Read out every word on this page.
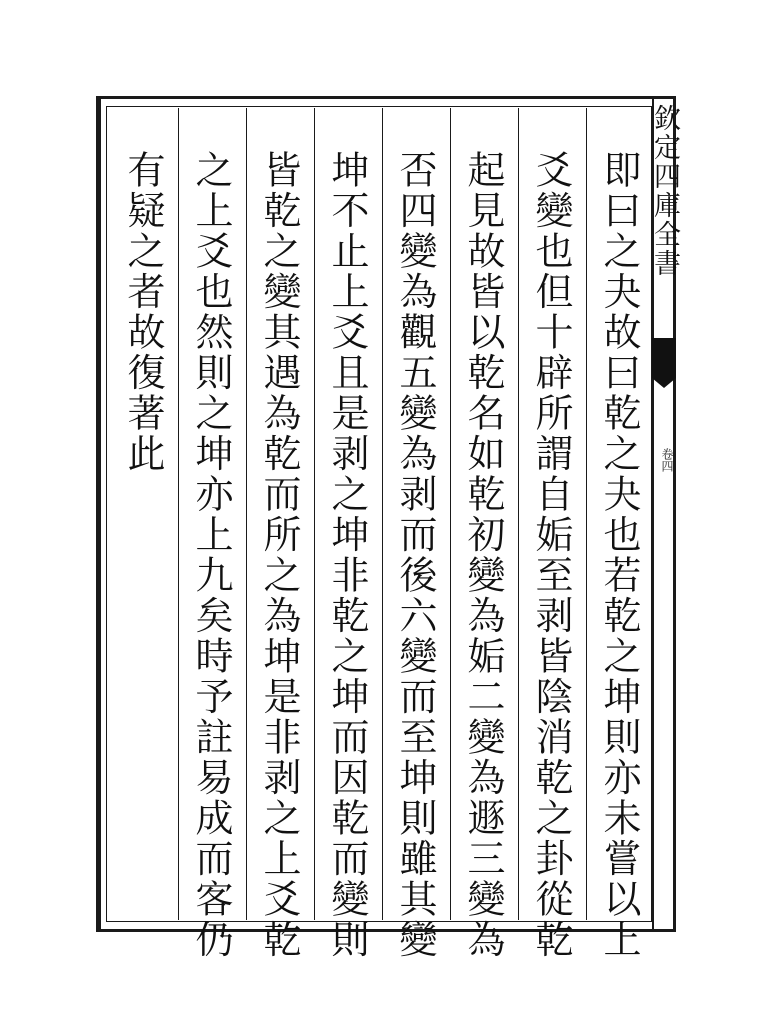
欽定四庫全書
卷四
即曰之夬故曰乾之夬也若乾之坤則亦未嘗以上
爻變也但十辟所謂自姤至剥皆陰消乾之卦從乾
起見故皆以乾名如乾初變為姤二變為遯三變為
否四變為觀五變為剥而後六變而至坤則雖其變
坤不止上爻且是剥之坤非乾之坤而因乾而變則
皆乾之變其遇為乾而所之為坤是非剥之上爻乾
之上爻也然則之坤亦上九矣時予註易成而客仍
有疑之者故復著此
